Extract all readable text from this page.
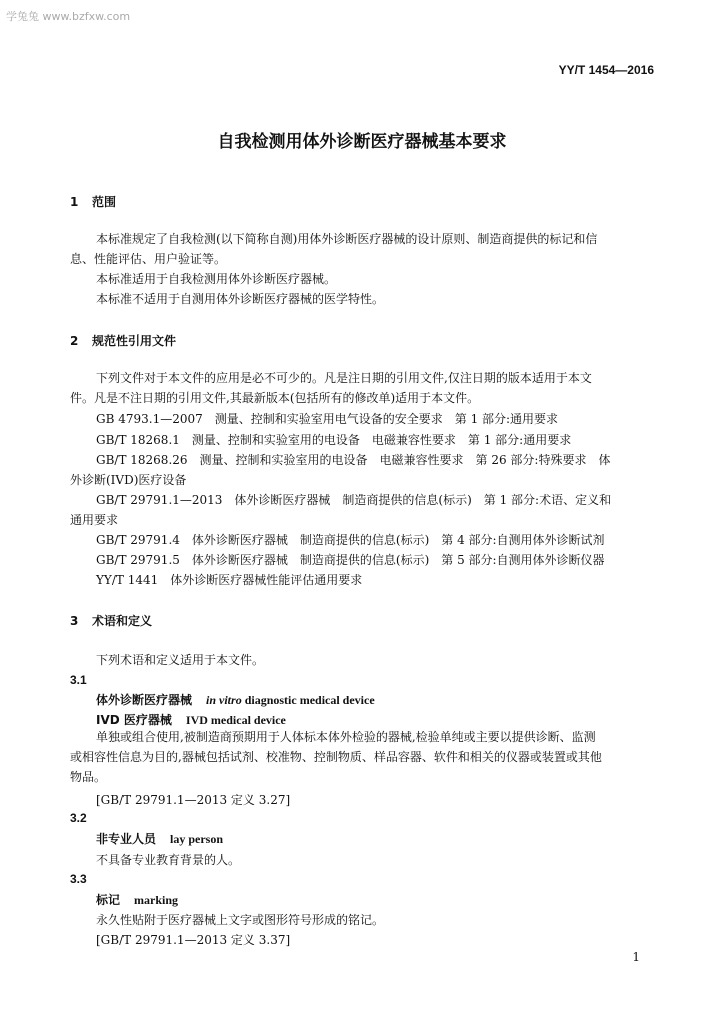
学兔兔 www.bzfxw.com
YY/T 1454—2016
自我检测用体外诊断医疗器械基本要求
1 范围
本标准规定了自我检测(以下简称自测)用体外诊断医疗器械的设计原则、制造商提供的标记和信
息、性能评估、用户验证等。
本标准适用于自我检测用体外诊断医疗器械。
本标准不适用于自测用体外诊断医疗器械的医学特性。
2 规范性引用文件
下列文件对于本文件的应用是必不可少的。凡是注日期的引用文件,仅注日期的版本适用于本文
件。凡是不注日期的引用文件,其最新版本(包括所有的修改单)适用于本文件。
GB 4793.1—2007　测量、控制和实验室用电气设备的安全要求　第 1 部分:通用要求
GB/T 18268.1　测量、控制和实验室用的电设备　电磁兼容性要求　第 1 部分:通用要求
GB/T 18268.26　测量、控制和实验室用的电设备　电磁兼容性要求　第 26 部分:特殊要求　体
外诊断(IVD)医疗设备
GB/T 29791.1—2013　体外诊断医疗器械　制造商提供的信息(标示)　第 1 部分:术语、定义和
通用要求
GB/T 29791.4　体外诊断医疗器械　制造商提供的信息(标示)　第 4 部分:自测用体外诊断试剂
GB/T 29791.5　体外诊断医疗器械　制造商提供的信息(标示)　第 5 部分:自测用体外诊断仪器
YY/T 1441　体外诊断医疗器械性能评估通用要求
3 术语和定义
下列术语和定义适用于本文件。
3.1
体外诊断医疗器械 in vitro diagnostic medical device
IVD 医疗器械 IVD medical device
单独或组合使用,被制造商预期用于人体标本体外检验的器械,检验单纯或主要以提供诊断、监测
或相容性信息为目的,器械包括试剂、校准物、控制物质、样品容器、软件和相关的仪器或装置或其他
物品。
[GB/T 29791.1—2013 定义 3.27]
3.2
非专业人员 lay person
不具备专业教育背景的人。
3.3
标记 marking
永久性贴附于医疗器械上文字或图形符号形成的铭记。
[GB/T 29791.1—2013 定义 3.37]
1
